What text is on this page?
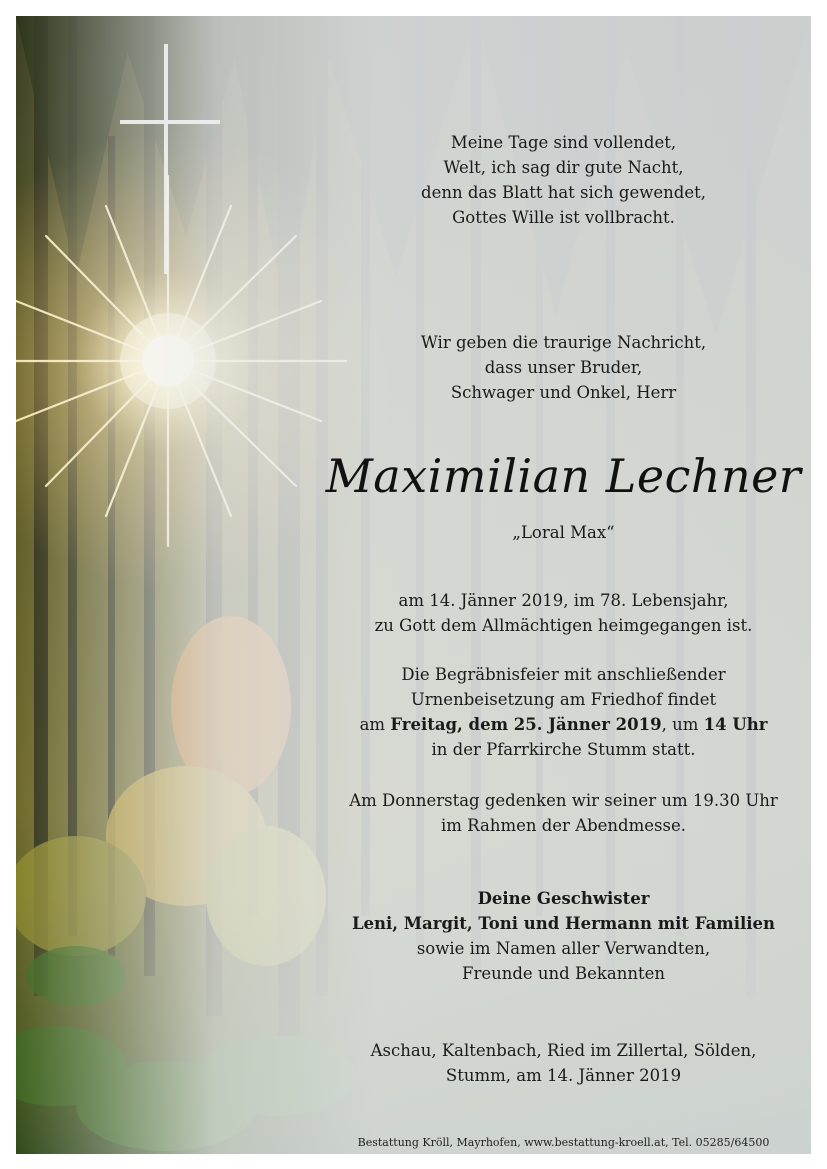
Meine Tage sind vollendet,
Welt, ich sag dir gute Nacht,
denn das Blatt hat sich gewendet,
Gottes Wille ist vollbracht.
Wir geben die traurige Nachricht,
dass unser Bruder,
Schwager und Onkel, Herr
Maximilian Lechner
„Loral Max“
am 14. Jänner 2019, im 78. Lebensjahr,
zu Gott dem Allmächtigen heimgegangen ist.
Die Begräbnisfeier mit anschließender
Urnenbeisetzung am Friedhof findet
am Freitag, dem 25. Jänner 2019, um 14 Uhr
in der Pfarrkirche Stumm statt.
Am Donnerstag gedenken wir seiner um 19.30 Uhr
im Rahmen der Abendmesse.
Deine Geschwister
Leni, Margit, Toni und Hermann mit Familien
sowie im Namen aller Verwandten,
Freunde und Bekannten
Aschau, Kaltenbach, Ried im Zillertal, Sölden,
Stumm, am 14. Jänner 2019
Bestattung Kröll, Mayrhofen, www.bestattung-kroell.at, Tel. 05285/64500
